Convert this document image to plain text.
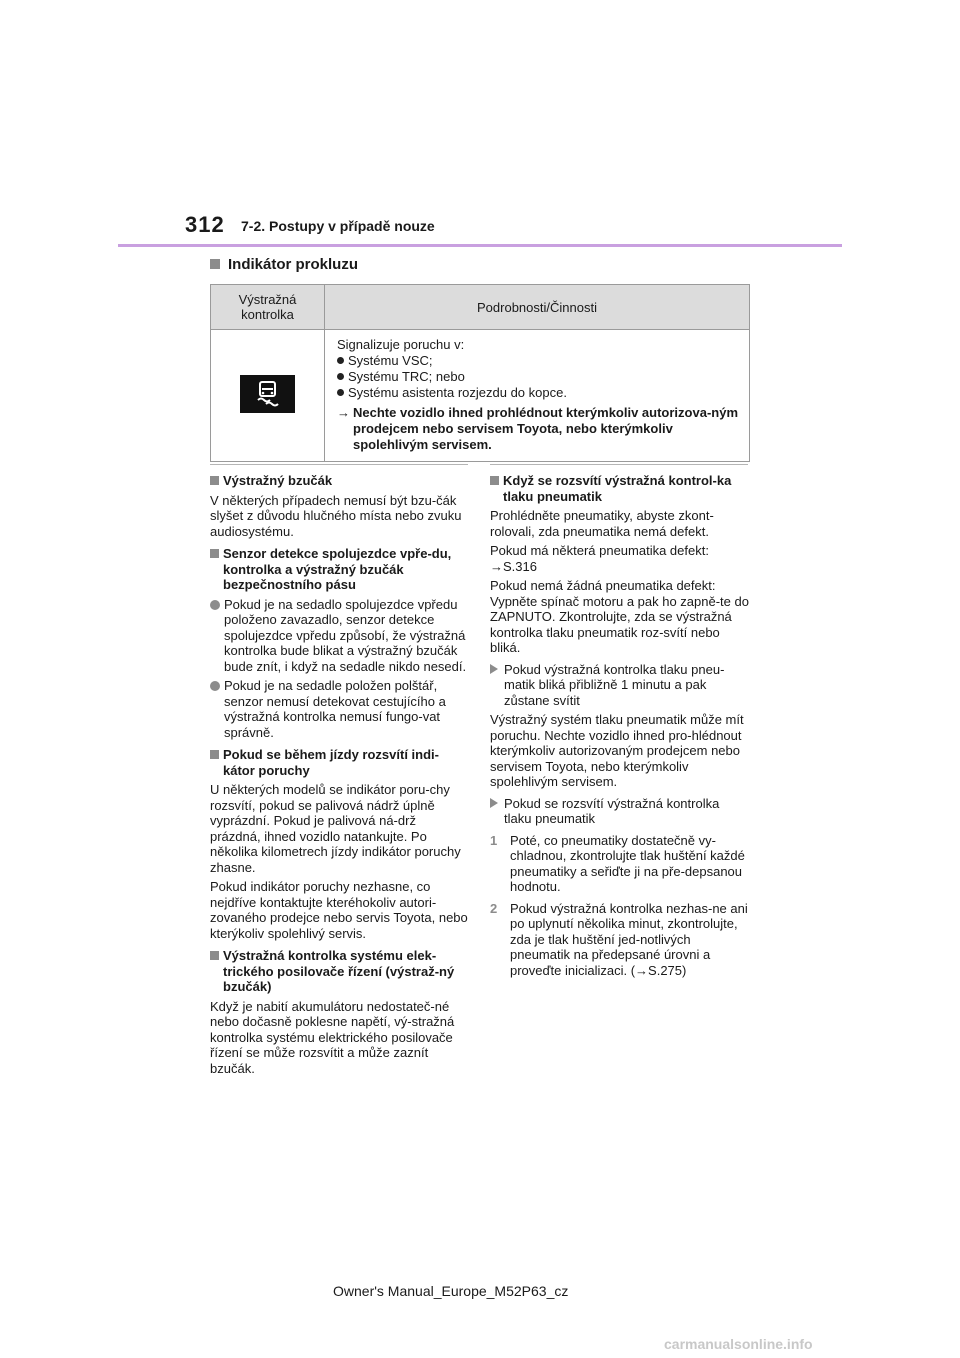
312 7-2. Postupy v případě nouze
Indikátor prokluzu
Výstražná
kontrolka	Podrobnosti/Činnosti

Signalizuje poruchu v:
Systému VSC;
Systému TRC; nebo
Systému asistenta rozjezdu do kopce.
→ Nechte vozidlo ihned prohlédnout kterýmkoliv autorizova-ným prodejcem nebo servisem Toyota, nebo kterýmkoliv spolehlivým servisem.
Výstražný bzučák
V některých případech nemusí být bzu-čák slyšet z důvodu hlučného místa nebo zvuku audiosystému.
Senzor detekce spolujezdce vpře-du, kontrolka a výstražný bzučák bezpečnostního pásu
Pokud je na sedadlo spolujezdce vpředu položeno zavazadlo, senzor detekce spolujezdce vpředu způsobí, že výstražná kontrolka bude blikat a výstražný bzučák bude znít, i když na sedadle nikdo nesedí.
Pokud je na sedadle položen polštář, senzor nemusí detekovat cestujícího a výstražná kontrolka nemusí fungo-vat správně.
Pokud se během jízdy rozsvítí indi-kátor poruchy
U některých modelů se indikátor poru-chy rozsvítí, pokud se palivová nádrž úplně vyprázdní. Pokud je palivová ná-drž prázdná, ihned vozidlo natankujte. Po několika kilometrech jízdy indikátor poruchy zhasne.
Pokud indikátor poruchy nezhasne, co nejdříve kontaktujte kteréhokoliv autori-zovaného prodejce nebo servis Toyota, nebo kterýkoliv spolehlivý servis.
Výstražná kontrolka systému elek-trického posilovače řízení (výstraž-ný bzučák)
Když je nabití akumulátoru nedostateč-né nebo dočasně poklesne napětí, vý-stražná kontrolka systému elektrického posilovače řízení se může rozsvítit a může zaznít bzučák.
Když se rozsvítí výstražná kontrol-ka tlaku pneumatik
Prohlédněte pneumatiky, abyste zkont-rolovali, zda pneumatika nemá defekt.
Pokud má některá pneumatika defekt: →S.316
Pokud nemá žádná pneumatika defekt: Vypněte spínač motoru a pak ho zapně-te do ZAPNUTO. Zkontrolujte, zda se výstražná kontrolka tlaku pneumatik roz-svítí nebo bliká.
Pokud výstražná kontrolka tlaku pneu-matik bliká přibližně 1 minutu a pak zůstane svítit
Výstražný systém tlaku pneumatik může mít poruchu. Nechte vozidlo ihned pro-hlédnout kterýmkoliv autorizovaným prodejcem nebo servisem Toyota, nebo kterýmkoliv spolehlivým servisem.
Pokud se rozsvítí výstražná kontrolka tlaku pneumatik
1 Poté, co pneumatiky dostatečně vy-chladnou, zkontrolujte tlak huštění každé pneumatiky a seřiďte ji na pře-depsanou hodnotu.
2 Pokud výstražná kontrolka nezhas-ne ani po uplynutí několika minut, zkontrolujte, zda je tlak huštění jed-notlivých pneumatik na předepsané úrovni a proveďte inicializaci. (→S.275)
Owner's Manual_Europe_M52P63_cz
carmanualsonline.info
